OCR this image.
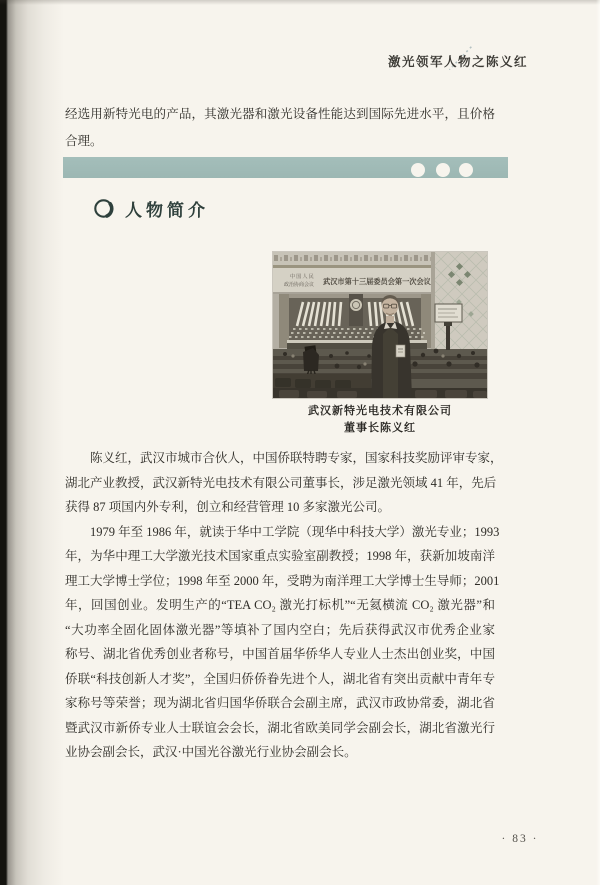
激光领军人物之陈义红
经选用新特光电的产品，其激光器和激光设备性能达到国际先进水平，且价格
合理。
人物简介
中 国 人 民
政治协商会议 武汉市第十三届委员会第一次会议
武汉新特光电技术有限公司
董事长陈义红
陈义红，武汉市城市合伙人，中国侨联特聘专家，国家科技奖励评审专家，
湖北产业教授，武汉新特光电技术有限公司董事长，涉足激光领域 41 年，先后
获得 87 项国内外专利，创立和经营管理 10 多家激光公司。
1979 年至 1986 年，就读于华中工学院（现华中科技大学）激光专业；1993
年，为华中理工大学激光技术国家重点实验室副教授；1998 年，获新加坡南洋
理工大学博士学位；1998 年至 2000 年，受聘为南洋理工大学博士生导师；2001
年，回国创业。发明生产的“TEA CO₂ 激光打标机”“无氦横流 CO₂ 激光器”和
“大功率全固化固体激光器”等填补了国内空白；先后获得武汉市优秀企业家
称号、湖北省优秀创业者称号，中国首届华侨华人专业人士杰出创业奖，中国
侨联“科技创新人才奖”，全国归侨侨眷先进个人，湖北省有突出贡献中青年专
家称号等荣誉；现为湖北省归国华侨联合会副主席，武汉市政协常委，湖北省
暨武汉市新侨专业人士联谊会会长，湖北省欧美同学会副会长，湖北省激光行
业协会副会长，武汉·中国光谷激光行业协会副会长。
· 83 ·
